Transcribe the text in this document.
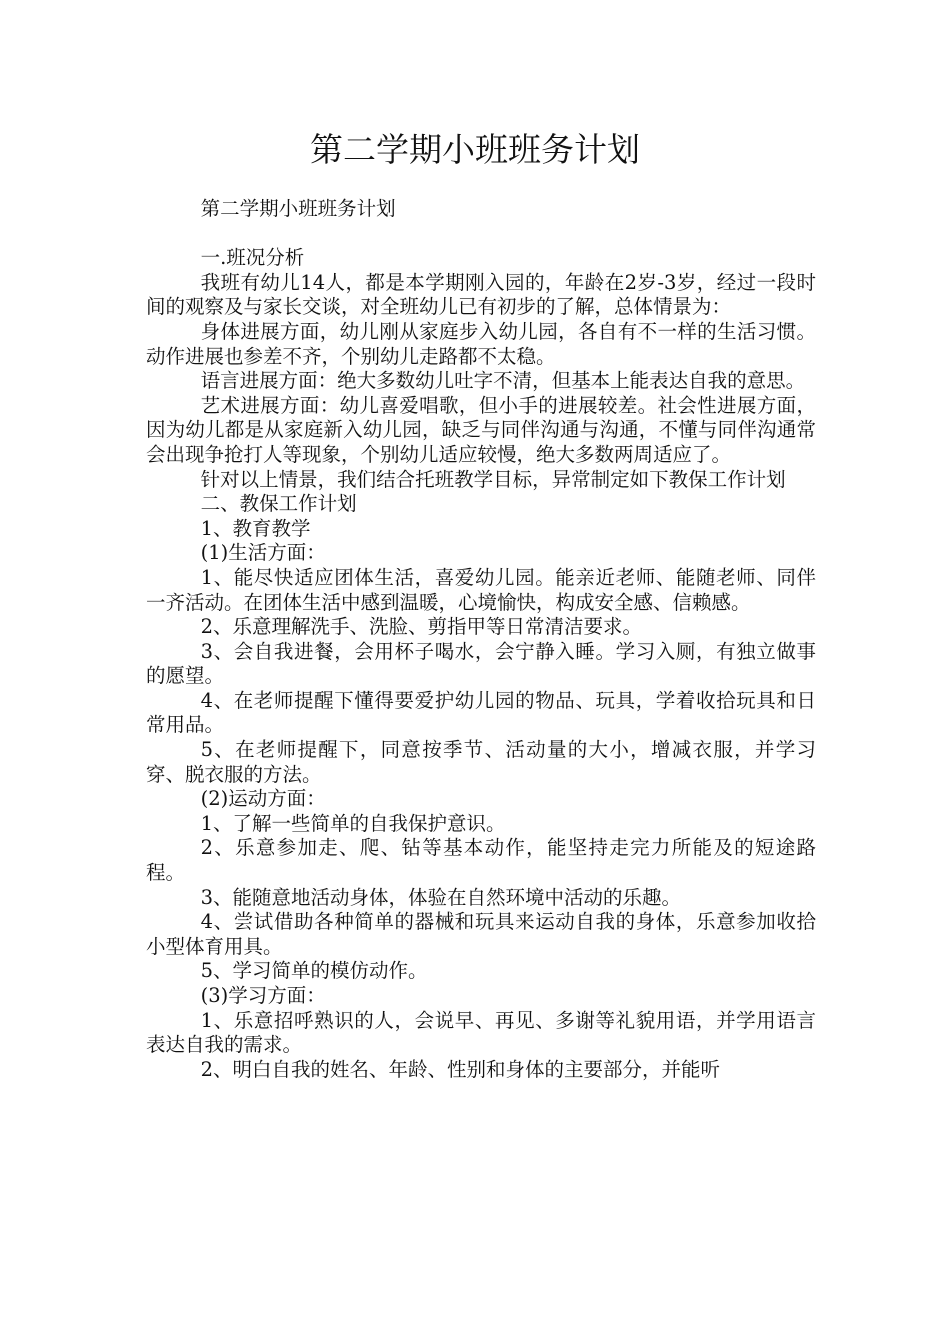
第二学期小班班务计划

第二学期小班班务计划

一.班况分析

我班有幼儿14人，都是本学期刚入园的，年龄在2岁-3岁，经过一段时间的观察及与家长交谈，对全班幼儿已有初步的了解，总体情景为：

身体进展方面，幼儿刚从家庭步入幼儿园，各自有不一样的生活习惯。动作进展也参差不齐，个别幼儿走路都不太稳。

语言进展方面：绝大多数幼儿吐字不清，但基本上能表达自我的意思。

艺术进展方面：幼儿喜爱唱歌，但小手的进展较差。社会性进展方面，因为幼儿都是从家庭新入幼儿园，缺乏与同伴沟通与沟通，不懂与同伴沟通常会出现争抢打人等现象，个别幼儿适应较慢，绝大多数两周适应了。

针对以上情景，我们结合托班教学目标，异常制定如下教保工作计划

二、教保工作计划

1、教育教学

(1)生活方面：

1、能尽快适应团体生活，喜爱幼儿园。能亲近老师、能随老师、同伴一齐活动。在团体生活中感到温暖，心境愉快，构成安全感、信赖感。

2、乐意理解洗手、洗脸、剪指甲等日常清洁要求。

3、会自我进餐，会用杯子喝水，会宁静入睡。学习入厕，有独立做事的愿望。

4、在老师提醒下懂得要爱护幼儿园的物品、玩具，学着收拾玩具和日常用品。

5、在老师提醒下，同意按季节、活动量的大小，增减衣服，并学习穿、脱衣服的方法。

(2)运动方面：

1、了解一些简单的自我保护意识。

2、乐意参加走、爬、钻等基本动作，能坚持走完力所能及的短途路程。

3、能随意地活动身体，体验在自然环境中活动的乐趣。

4、尝试借助各种简单的器械和玩具来运动自我的身体，乐意参加收拾小型体育用具。

5、学习简单的模仿动作。

(3)学习方面：

1、乐意招呼熟识的人，会说早、再见、多谢等礼貌用语，并学用语言表达自我的需求。

2、明白自我的姓名、年龄、性别和身体的主要部分，并能听
